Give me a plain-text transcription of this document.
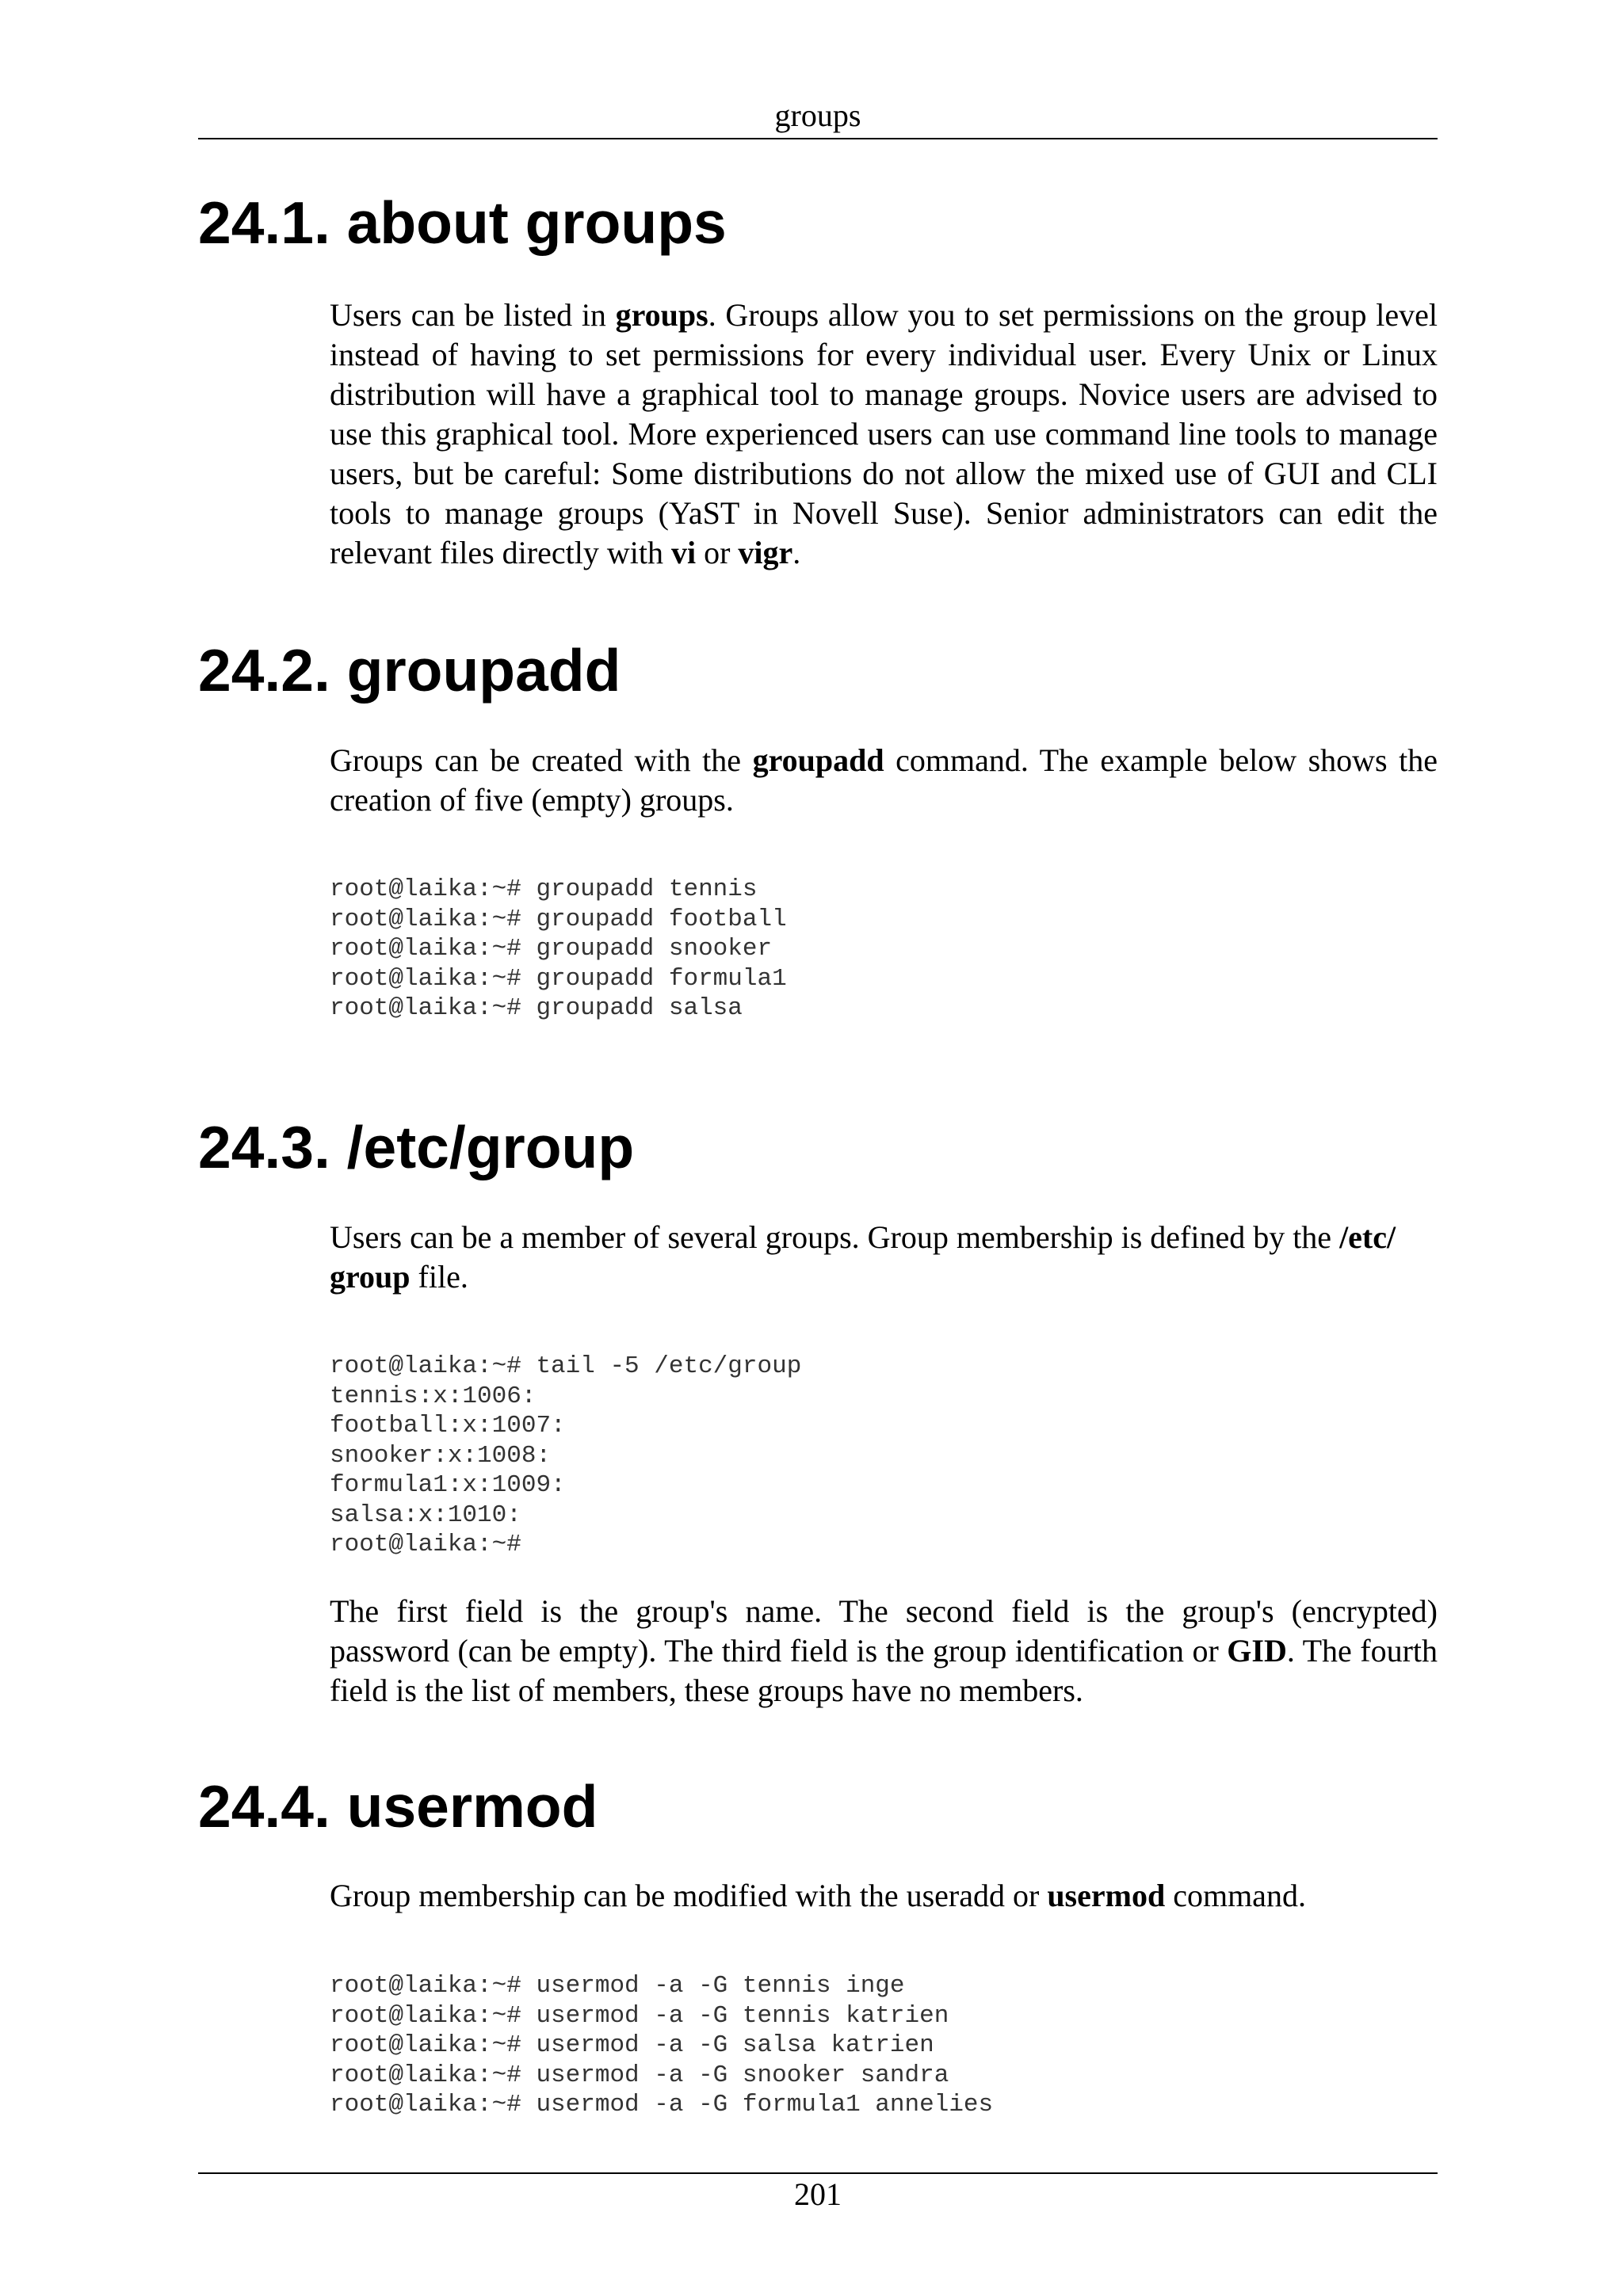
groups
24.1. about groups

Users can be listed in groups. Groups allow you to set permissions on the group level instead of having to set permissions for every individual user. Every Unix or Linux distribution will have a graphical tool to manage groups. Novice users are advised to use this graphical tool. More experienced users can use command line tools to manage users, but be careful: Some distributions do not allow the mixed use of GUI and CLI tools to manage groups (YaST in Novell Suse). Senior administrators can edit the relevant files directly with vi or vigr.

24.2. groupadd

Groups can be created with the groupadd command. The example below shows the creation of five (empty) groups.

root@laika:~# groupadd tennis
root@laika:~# groupadd football
root@laika:~# groupadd snooker
root@laika:~# groupadd formula1
root@laika:~# groupadd salsa
24.3. /etc/group

Users can be a member of several groups. Group membership is defined by the /etc/
group file.

root@laika:~# tail -5 /etc/group
tennis:x:1006:
football:x:1007:
snooker:x:1008:
formula1:x:1009:
salsa:x:1010:
root@laika:~#

The first field is the group's name. The second field is the group's (encrypted) password (can be empty). The third field is the group identification or GID. The fourth field is the list of members, these groups have no members.

24.4. usermod

Group membership can be modified with the useradd or usermod command.

root@laika:~# usermod -a -G tennis inge
root@laika:~# usermod -a -G tennis katrien
root@laika:~# usermod -a -G salsa katrien
root@laika:~# usermod -a -G snooker sandra
root@laika:~# usermod -a -G formula1 annelies
201
